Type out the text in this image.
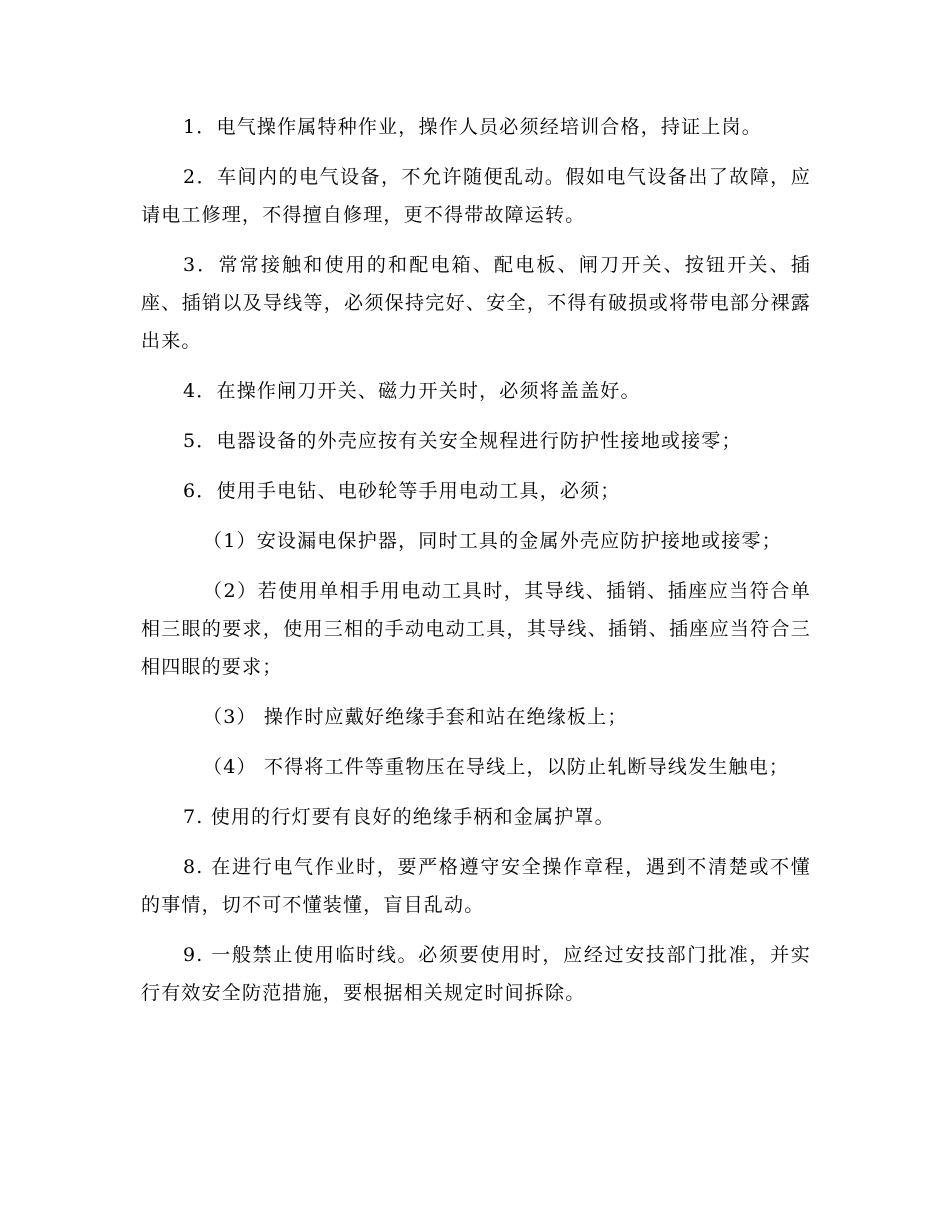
1．电气操作属特种作业，操作人员必须经培训合格，持证上岗。

2．车间内的电气设备，不允许随便乱动。假如电气设备出了故障，应请电工修理，不得擅自修理，更不得带故障运转。

3．常常接触和使用的和配电箱、配电板、闸刀开关、按钮开关、插座、插销以及导线等，必须保持完好、安全，不得有破损或将带电部分裸露出来。

4．在操作闸刀开关、磁力开关时，必须将盖盖好。

5．电器设备的外壳应按有关安全规程进行防护性接地或接零；

6．使用手电钻、电砂轮等手用电动工具，必须；

（1）安设漏电保护器，同时工具的金属外壳应防护接地或接零；

（2）若使用单相手用电动工具时，其导线、插销、插座应当符合单相三眼的要求，使用三相的手动电动工具，其导线、插销、插座应当符合三相四眼的要求；

（3） 操作时应戴好绝缘手套和站在绝缘板上；

（4） 不得将工件等重物压在导线上，以防止轧断导线发生触电；

7. 使用的行灯要有良好的绝缘手柄和金属护罩。

8. 在进行电气作业时，要严格遵守安全操作章程，遇到不清楚或不懂的事情，切不可不懂装懂，盲目乱动。

9. 一般禁止使用临时线。必须要使用时，应经过安技部门批准，并实行有效安全防范措施，要根据相关规定时间拆除。
